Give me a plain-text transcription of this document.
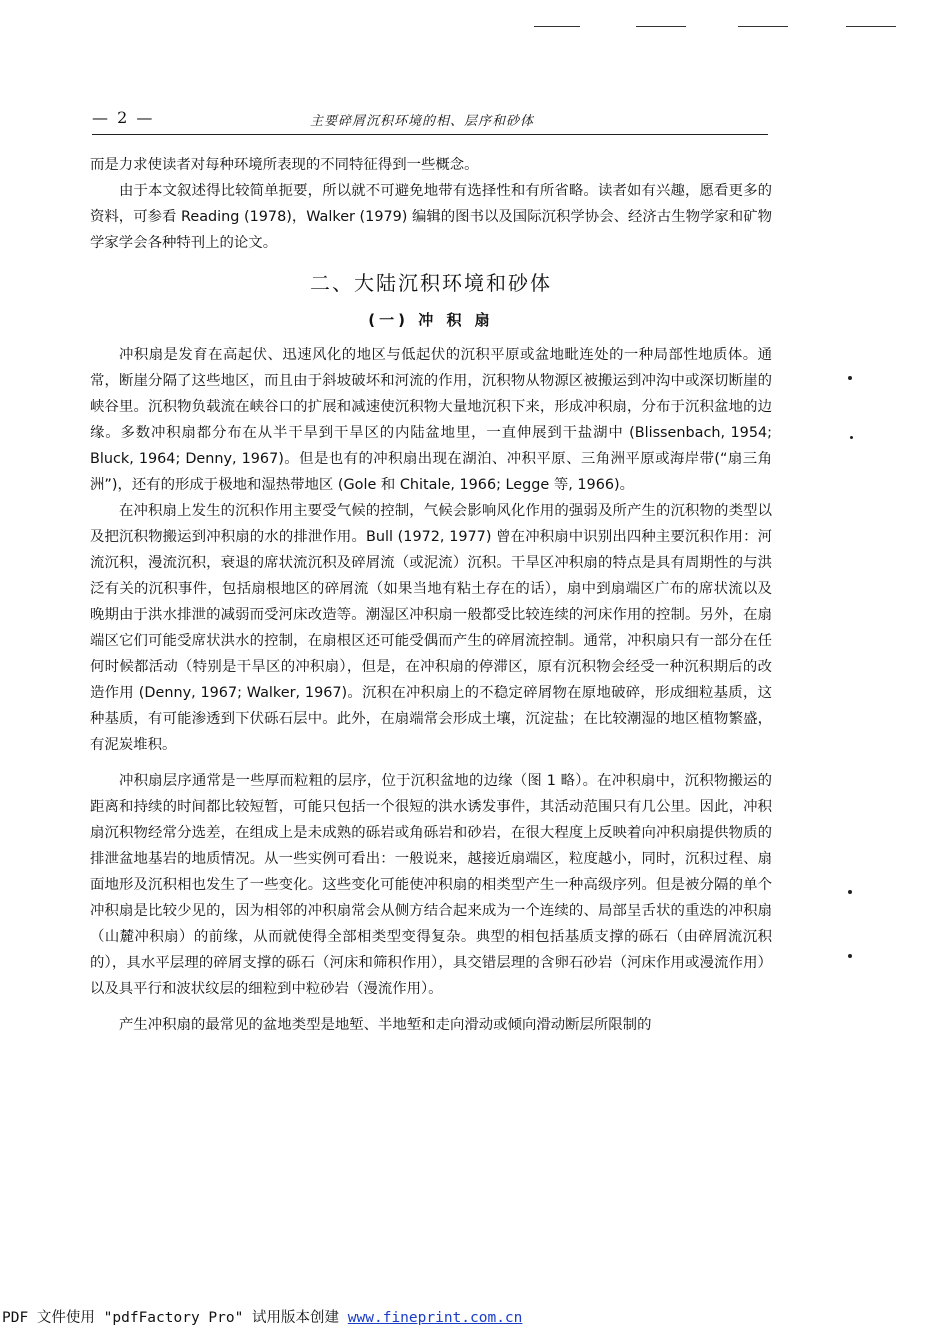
— 2 —	主要碎屑沉积环境的相、层序和砂体

而是力求使读者对每种环境所表现的不同特征得到一些概念。

由于本文叙述得比较简单扼要，所以就不可避免地带有选择性和有所省略。读者如有兴趣，愿看更多的资料，可参看 Reading (1978)，Walker (1979) 编辑的图书以及国际沉积学协会、经济古生物学家和矿物学家学会各种特刊上的论文。

二、大陆沉积环境和砂体
(一) 冲 积 扇

冲积扇是发育在高起伏、迅速风化的地区与低起伏的沉积平原或盆地毗连处的一种局部性地质体。通常，断崖分隔了这些地区，而且由于斜坡破坏和河流的作用，沉积物从物源区被搬运到冲沟中或深切断崖的峡谷里。沉积物负载流在峡谷口的扩展和减速使沉积物大量地沉积下来，形成冲积扇，分布于沉积盆地的边缘。多数冲积扇都分布在从半干旱到干旱区的内陆盆地里，一直伸展到干盐湖中 (Blissenbach, 1954; Bluck, 1964; Denny, 1967)。但是也有的冲积扇出现在湖泊、冲积平原、三角洲平原或海岸带(“扇三角洲”)，还有的形成于极地和湿热带地区 (Gole 和 Chitale, 1966; Legge 等, 1966)。

在冲积扇上发生的沉积作用主要受气候的控制，气候会影响风化作用的强弱及所产生的沉积物的类型以及把沉积物搬运到冲积扇的水的排泄作用。Bull (1972, 1977) 曾在冲积扇中识别出四种主要沉积作用：河流沉积，漫流沉积，衰退的席状流沉积及碎屑流（或泥流）沉积。干旱区冲积扇的特点是具有周期性的与洪泛有关的沉积事件，包括扇根地区的碎屑流（如果当地有粘土存在的话），扇中到扇端区广布的席状流以及晚期由于洪水排泄的减弱而受河床改造等。潮湿区冲积扇一般都受比较连续的河床作用的控制。另外，在扇端区它们可能受席状洪水的控制，在扇根区还可能受偶而产生的碎屑流控制。通常，冲积扇只有一部分在任何时候都活动（特别是干旱区的冲积扇），但是，在冲积扇的停滞区，原有沉积物会经受一种沉积期后的改造作用 (Denny, 1967; Walker, 1967)。沉积在冲积扇上的不稳定碎屑物在原地破碎，形成细粒基质，这种基质，有可能渗透到下伏砾石层中。此外，在扇端常会形成土壤，沉淀盐；在比较潮湿的地区植物繁盛，有泥炭堆积。

冲积扇层序通常是一些厚而粒粗的层序，位于沉积盆地的边缘（图 1 略）。在冲积扇中，沉积物搬运的距离和持续的时间都比较短暂，可能只包括一个很短的洪水诱发事件，其活动范围只有几公里。因此，冲积扇沉积物经常分选差，在组成上是未成熟的砾岩或角砾岩和砂岩，在很大程度上反映着向冲积扇提供物质的排泄盆地基岩的地质情况。从一些实例可看出：一般说来，越接近扇端区，粒度越小，同时，沉积过程、扇面地形及沉积相也发生了一些变化。这些变化可能使冲积扇的相类型产生一种高级序列。但是被分隔的单个冲积扇是比较少见的，因为相邻的冲积扇常会从侧方结合起来成为一个连续的、局部呈舌状的重迭的冲积扇（山麓冲积扇）的前缘，从而就使得全部相类型变得复杂。典型的相包括基质支撑的砾石（由碎屑流沉积的），具水平层理的碎屑支撑的砾石（河床和筛积作用），具交错层理的含卵石砂岩（河床作用或漫流作用）以及具平行和波状纹层的细粒到中粒砂岩（漫流作用）。

产生冲积扇的最常见的盆地类型是地堑、半地堑和走向滑动或倾向滑动断层所限制的

PDF 文件使用 "pdfFactory Pro" 试用版本创建 www.fineprint.com.cn
